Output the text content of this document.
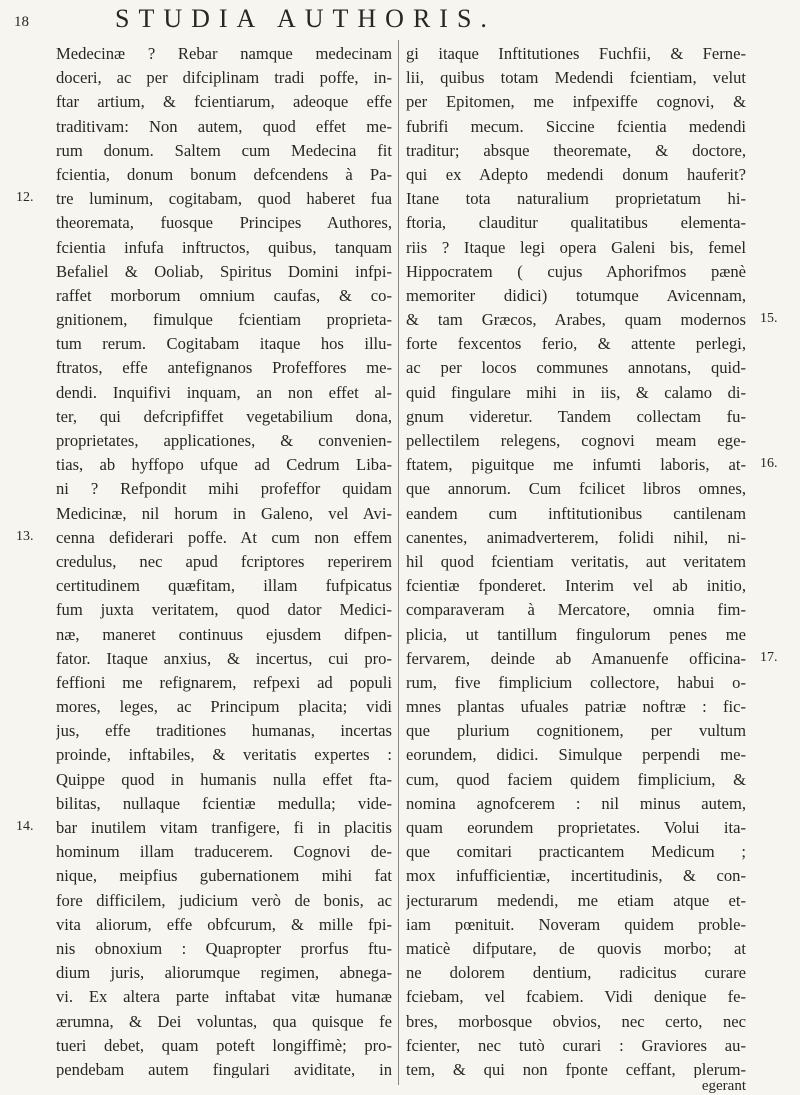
18	STUDIA AUTHORIS.
Medecinæ ? Rebar namque medecinam
doceri, ac per difciplinam tradi poffe, in-
ftar artium, & fcientiarum, adeoque effe
traditivam: Non autem, quod effet me-
rum donum. Saltem cum Medecina fit
fcientia, donum bonum defcendens à Pa-
tre luminum, cogitabam, quod haberet fua
theoremata, fuosque Principes Authores,
fcientia infufa inftructos, quibus, tanquam
Befaliel & Ooliab, Spiritus Domini infpi-
raffet morborum omnium caufas, & co-
gnitionem, fimulque fcientiam proprieta-
tum rerum. Cogitabam itaque hos illu-
ftratos, effe antefignanos Profeffores me-
dendi. Inquifivi inquam, an non effet al-
ter, qui defcripfiffet vegetabilium dona,
proprietates, applicationes, & convenien-
tias, ab hyffopo ufque ad Cedrum Liba-
ni ? Refpondit mihi profeffor quidam
Medicinæ, nil horum in Galeno, vel Avi-
cenna defiderari poffe. At cum non effem
credulus, nec apud fcriptores reperirem
certitudinem quæfitam, illam fufpicatus
fum juxta veritatem, quod dator Medici-
næ, maneret continuus ejusdem difpen-
fator. Itaque anxius, & incertus, cui pro-
feffioni me refignarem, refpexi ad populi
mores, leges, ac Principum placita; vidi
jus, effe traditiones humanas, incertas
proinde, inftabiles, & veritatis expertes :
Quippe quod in humanis nulla effet fta-
bilitas, nullaque fcientiæ medulla; vide-
bar inutilem vitam tranfigere, fi in placitis
hominum illam traducerem. Cognovi de-
nique, meipfius gubernationem mihi fat
fore difficilem, judicium verò de bonis, ac
vita aliorum, effe obfcurum, & mille fpi-
nis obnoxium : Quapropter prorfus ftu-
dium juris, aliorumque regimen, abnega-
vi. Ex altera parte inftabat vitæ humanæ
ærumna, & Dei voluntas, qua quisque fe
tueri debet, quam poteft longiffimè; pro-
pendebam autem fingulari aviditate, in
gi itaque Inftitutiones Fuchfii, & Ferne-
lii, quibus totam Medendi fcientiam, velut
per Epitomen, me infpexiffe cognovi, &
fubrifi mecum. Siccine fcientia medendi
traditur; absque theoremate, & doctore,
qui ex Adepto medendi donum hauferit?
Itane tota naturalium proprietatum hi-
ftoria, clauditur qualitatibus elementa-
riis ? Itaque legi opera Galeni bis, femel
Hippocratem ( cujus Aphorifmos pænè
memoriter didici) totumque Avicennam,
& tam Græcos, Arabes, quam modernos
forte fexcentos ferio, & attente perlegi,
ac per locos communes annotans, quid-
quid fingulare mihi in iis, & calamo di-
gnum videretur. Tandem collectam fu-
pellectilem relegens, cognovi meam ege-
ftatem, piguitque me infumti laboris, at-
que annorum. Cum fcilicet libros omnes,
eandem cum inftitutionibus cantilenam
canentes, animadverterem, folidi nihil, ni-
hil quod fcientiam veritatis, aut veritatem
fcientiæ fponderet. Interim vel ab initio,
comparaveram à Mercatore, omnia fim-
plicia, ut tantillum fingulorum penes me
fervarem, deinde ab Amanuenfe officina-
rum, five fimplicium collectore, habui o-
mnes plantas ufuales patriæ noftræ : fic-
que plurium cognitionem, per vultum
eorundem, didici. Simulque perpendi me-
cum, quod faciem quidem fimplicium, &
nomina agnofcerem : nil minus autem,
quam eorundem proprietates. Volui ita-
que comitari practicantem Medicum ;
mox infufficientiæ, incertitudinis, & con-
jecturarum medendi, me etiam atque et-
iam pœnituit. Noveram quidem proble-
maticè difputare, de quovis morbo; at
ne dolorem dentium, radicitus curare
fciebam, vel fcabiem. Vidi denique fe-
bres, morbosque obvios, nec certo, nec
fcienter, nec tutò curari : Graviores au-
tem, & qui non fponte ceffant, plerum-
12.
13.
14.
15.
16.
17.
egerant
